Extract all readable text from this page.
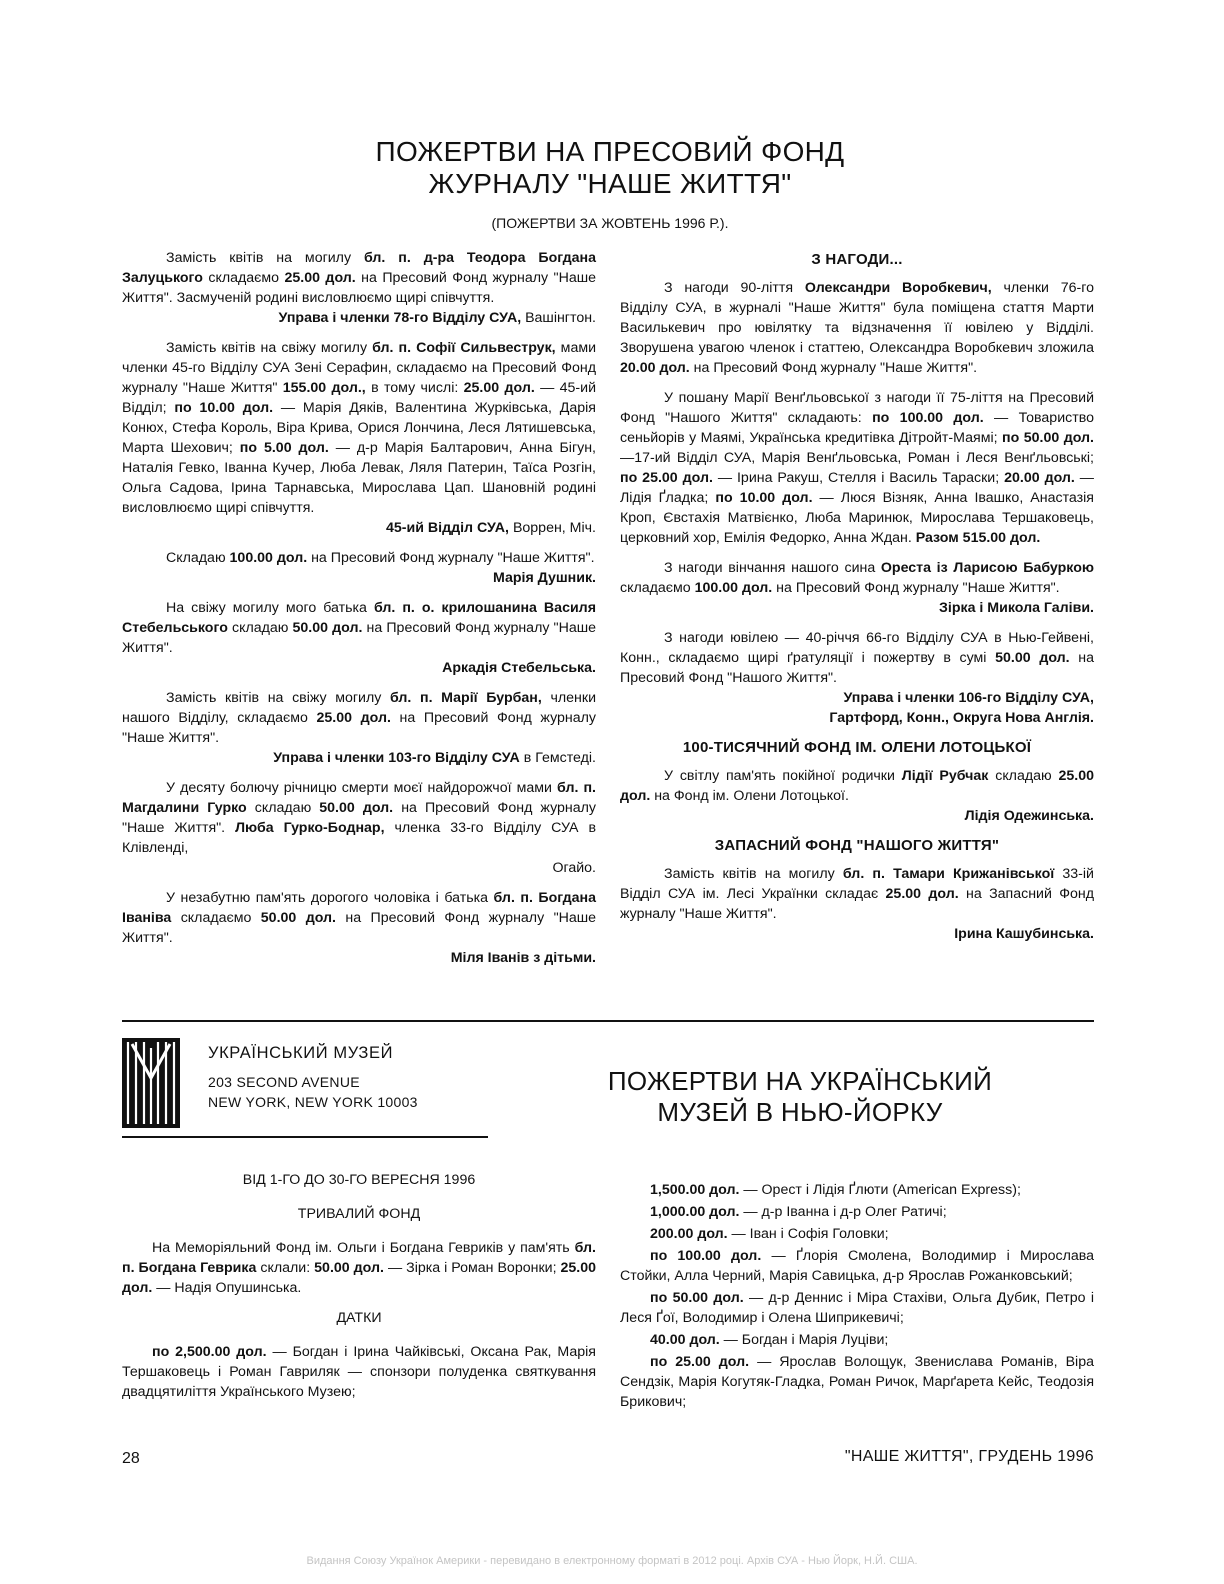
ПОЖЕРТВИ НА ПРЕСОВИЙ ФОНД
ЖУРНАЛУ "НАШЕ ЖИТТЯ"
(ПОЖЕРТВИ ЗА ЖОВТЕНЬ 1996 Р.).

Замість квітів на могилу бл. п. д-ра Теодора Богдана Залуцького складаємо 25.00 дол. на Пресовий Фонд журналу "Наше Життя". Засмученій родині висловлюємо щирі співчуття.
Управа і членки 78-го Відділу СУА, Вашінгтон.

Замість квітів на свіжу могилу бл. п. Софії Сильвеструк, мами членки 45-го Відділу СУА Зені Серафин, складаємо на Пресовий Фонд журналу "Наше Життя" 155.00 дол., в тому числі: 25.00 дол. — 45-ий Відділ; по 10.00 дол. — Марія Дяків, Валентина Журківська, Дарія Конюх, Стефа Король, Віра Крива, Орися Лончина, Леся Лятишевська, Марта Шехович; по 5.00 дол. — д-р Марія Балтарович, Анна Бігун, Наталія Гевко, Іванна Кучер, Люба Левак, Ляля Патерин, Таїса Розгін, Ольга Садова, Ірина Тарнавська, Мирослава Цап. Шановній родині висловлюємо щирі співчуття.
45-ий Відділ СУА, Воррен, Міч.

Складаю 100.00 дол. на Пресовий Фонд журналу "Наше Життя".
Марія Душник.

На свіжу могилу мого батька бл. п. о. крилошанина Василя Стебельського складаю 50.00 дол. на Пресовий Фонд журналу "Наше Життя".
Аркадія Стебельська.

Замість квітів на свіжу могилу бл. п. Марії Бурбан, членки нашого Відділу, складаємо 25.00 дол. на Пресовий Фонд журналу "Наше Життя".
Управа і членки 103-го Відділу СУА в Гемстеді.

У десяту болючу річницю смерти моєї найдорожчої мами бл. п. Магдалини Гурко складаю 50.00 дол. на Пресовий Фонд журналу "Наше Життя". Люба Гурко-Боднар, членка 33-го Відділу СУА в Клівленді,
Огайо.

У незабутню пам'ять дорогого чоловіка і батька бл. п. Богдана Іваніва складаємо 50.00 дол. на Пресовий Фонд журналу "Наше Життя".
Міля Іванів з дітьми.

З НАГОДИ...

З нагоди 90-ліття Олександри Воробкевич, членки 76-го Відділу СУА, в журналі "Наше Життя" була поміщена стаття Марти Василькевич про ювілятку та відзначення її ювілею у Відділі. Зворушена увагою членок і статтею, Олександра Воробкевич зложила 20.00 дол. на Пресовий Фонд журналу "Наше Життя".

У пошану Марії Венґльовської з нагоди її 75-ліття на Пресовий Фонд "Нашого Життя" складають: по 100.00 дол. — Товариство сеньйорів у Маямі, Українська кредитівка Дітройт-Маямі; по 50.00 дол. —17-ий Відділ СУА, Марія Венґльовська, Роман і Леся Венґльовські; по 25.00 дол. — Ірина Ракуш, Стелля і Василь Тараски; 20.00 дол. — Лідія Ґладка; по 10.00 дол. — Люся Візняк, Анна Івашко, Анастазія Кроп, Євстахія Матвієнко, Люба Маринюк, Мирослава Тершаковець, церковний хор, Емілія Федорко, Анна Ждан. Разом 515.00 дол.

З нагоди вінчання нашого сина Ореста із Ларисою Бабуркою складаємо 100.00 дол. на Пресовий Фонд журналу "Наше Життя".
Зірка і Микола Галіви.

З нагоди ювілею — 40-річчя 66-го Відділу СУА в Нью-Гейвені, Конн., складаємо щирі ґратуляції і пожертву в сумі 50.00 дол. на Пресовий Фонд "Нашого Життя".
Управа і членки 106-го Відділу СУА,
Гартфорд, Конн., Округа Нова Англія.

100-ТИСЯЧНИЙ ФОНД ІМ. ОЛЕНИ ЛОТОЦЬКОЇ

У світлу пам'ять покійної родички Лідії Рубчак складаю 25.00 дол. на Фонд ім. Олени Лотоцької.
Лідія Одежинська.

ЗАПАСНИЙ ФОНД "НАШОГО ЖИТТЯ"

Замість квітів на могилу бл. п. Тамари Крижанівської 33-ій Відділ СУА ім. Лесі Українки складає 25.00 дол. на Запасний Фонд журналу "Наше Життя".
Ірина Кашубинська.

УКРАЇНСЬКИЙ МУЗЕЙ
203 SECOND AVENUE
NEW YORK, NEW YORK 10003
ПОЖЕРТВИ НА УКРАЇНСЬКИЙ
МУЗЕЙ В НЬЮ-ЙОРКУ

ВІД 1-ГО ДО 30-ГО ВЕРЕСНЯ 1996

ТРИВАЛИЙ ФОНД

На Меморіяльний Фонд ім. Ольги і Богдана Гевриків у пам'ять бл. п. Богдана Геврика склали: 50.00 дол. — Зірка і Роман Воронки; 25.00 дол. — Надія Опушинська.

ДАТКИ

по 2,500.00 дол. — Богдан і Ірина Чайківські, Оксана Рак, Марія Тершаковець і Роман Гавриляк — спонзори полуденка святкування двадцятиліття Українського Музею;

1,500.00 дол. — Орест і Лідія Ґлюти (American Express);

1,000.00 дол. — д-р Іванна і д-р Олег Ратичі;

200.00 дол. — Іван і Софія Головки;

по 100.00 дол. — Ґлорія Смолена, Володимир і Мирослава Стойки, Алла Черний, Марія Савицька, д-р Ярослав Рожанковський;

по 50.00 дол. — д-р Деннис і Міра Стахіви, Ольга Дубик, Петро і Леся Ґої, Володимир і Олена Шиприкевичі;

40.00 дол. — Богдан і Марія Луціви;

по 25.00 дол. — Ярослав Волощук, Звенислава Романів, Віра Сендзік, Марія Когутяк-Гладка, Роман Ричок, Марґарета Кейс, Теодозія Брикович;

28	"НАШЕ ЖИТТЯ", ГРУДЕНЬ 1996
Видання Союзу Українок Америки - перевидано в електронному форматі в 2012 році. Архів СУА - Нью Йорк, Н.Й. США.
